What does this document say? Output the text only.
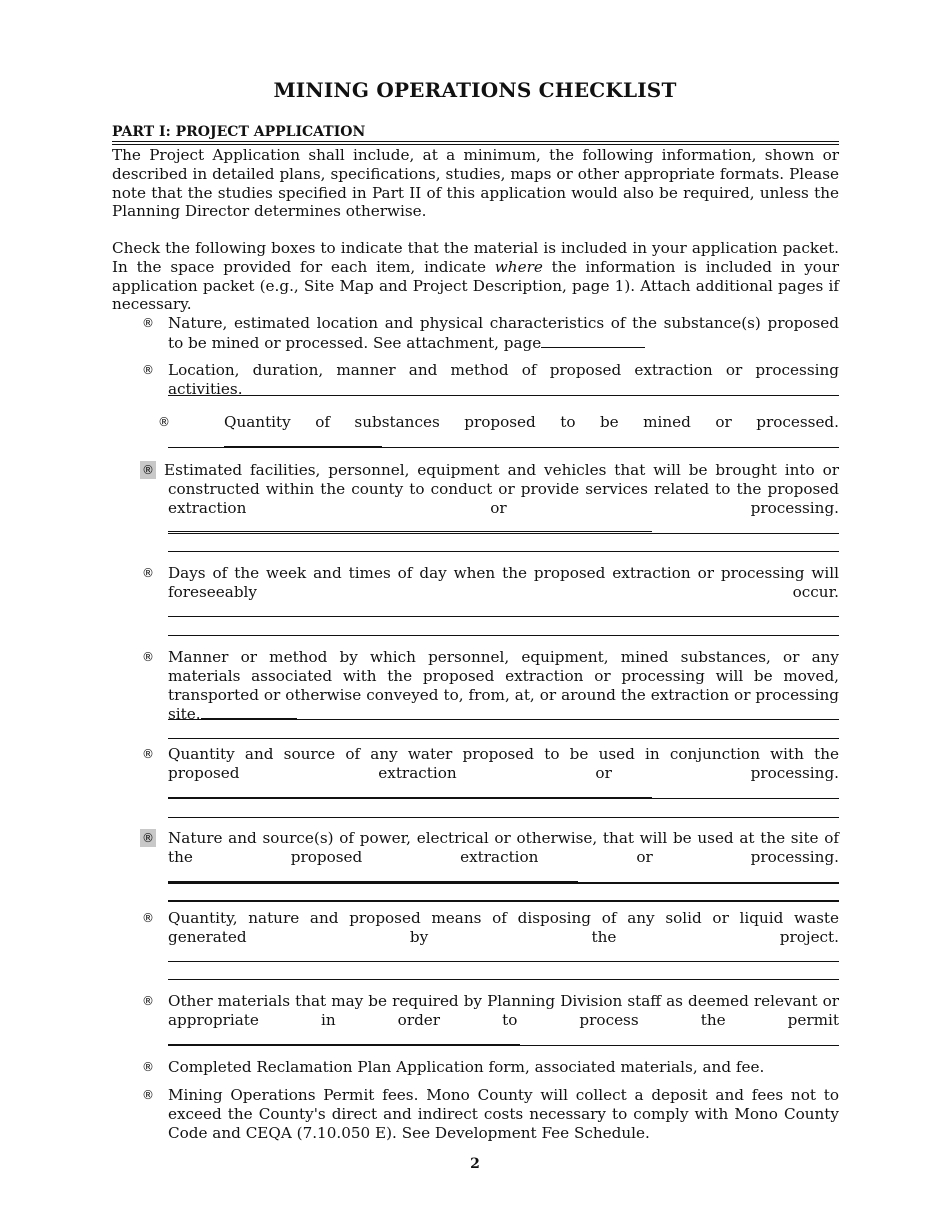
MINING OPERATIONS CHECKLIST
PART I: PROJECT APPLICATION
The Project Application shall include, at a minimum, the following information, shown or described in detailed plans, specifications, studies, maps or other appropriate formats. Please note that the studies specified in Part II of this application would also be required, unless the Planning Director determines otherwise.
Check the following boxes to indicate that the material is included in your application packet. In the space provided for each item, indicate where the information is included in your application packet (e.g., Site Map and Project Description, page 1). Attach additional pages if necessary.
® Nature, estimated location and physical characteristics of the substance(s) proposed to be mined or processed. See attachment, page
® Location, duration, manner and method of proposed extraction or processing activities.
®	Quantity of substances proposed to be mined or processed.
® Estimated facilities, personnel, equipment and vehicles that will be brought into or constructed within the county to conduct or provide services related to the proposed extraction or processing.
® Days of the week and times of day when the proposed extraction or processing will foreseeably occur.
® Manner or method by which personnel, equipment, mined substances, or any materials associated with the proposed extraction or processing will be moved, transported or otherwise conveyed to, from, at, or around the extraction or processing site.
® Quantity and source of any water proposed to be used in conjunction with the proposed extraction or processing.
® Nature and source(s) of power, electrical or otherwise, that will be used at the site of the proposed extraction or processing.
® Quantity, nature and proposed means of disposing of any solid or liquid waste generated by the project.
® Other materials that may be required by Planning Division staff as deemed relevant or appropriate in order to process the permit
® Completed Reclamation Plan Application form, associated materials, and fee.
® Mining Operations Permit fees. Mono County will collect a deposit and fees not to exceed the County's direct and indirect costs necessary to comply with Mono County Code and CEQA (7.10.050 E). See Development Fee Schedule.
2
